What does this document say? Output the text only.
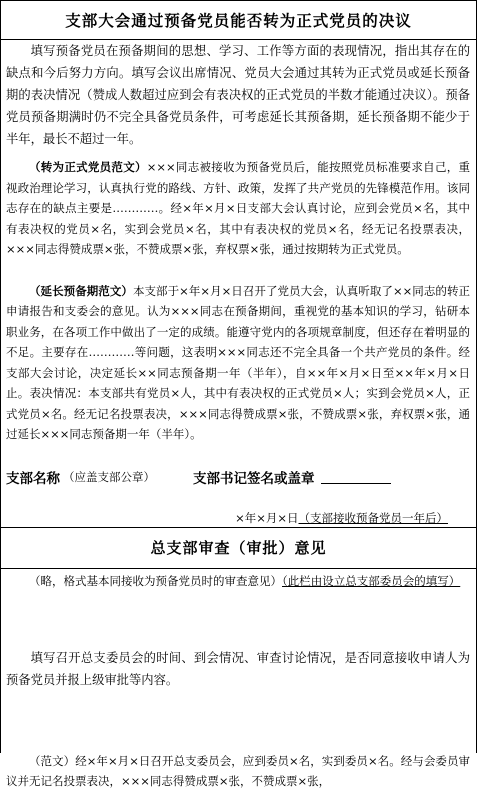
支部大会通过预备党员能否转为正式党员的决议

填写预备党员在预备期间的思想、学习、工作等方面的表现情况，指出其存在的缺点和今后努力方向。填写会议出席情况、党员大会通过其转为正式党员或延长预备期的表决情况（赞成人数超过应到会有表决权的正式党员的半数才能通过决议）。预备党员预备期满时仍不完全具备党员条件，可考虑延长其预备期，延长预备期不能少于半年，最长不超过一年。

（转为正式党员范文）×××同志被接收为预备党员后，能按照党员标准要求自己，重视政治理论学习，认真执行党的路线、方针、政策，发挥了共产党员的先锋模范作用。该同志存在的缺点主要是…………。经×年×月×日支部大会认真讨论，应到会党员×名，其中有表决权的党员×名，实到会党员×名，其中有表决权的党员×名，经无记名投票表决，×××同志得赞成票×张，不赞成票×张，弃权票×张，通过按期转为正式党员。

（延长预备期范文）本支部于×年×月×日召开了党员大会，认真听取了××同志的转正申请报告和支委会的意见。认为×××同志在预备期间，重视党的基本知识的学习，钻研本职业务，在各项工作中做出了一定的成绩。能遵守党内的各项规章制度，但还存在着明显的不足。主要存在…………等问题，这表明×××同志还不完全具备一个共产党员的条件。经支部大会讨论，决定延长××同志预备期一年（半年），自××年×月×日至××年×月×日止。表决情况：本支部共有党员×人，其中有表决权的正式党员×人；实到会党员×人，正式党员×名。经无记名投票表决，×××同志得赞成票×张，不赞成票×张，弃权票×张，通过延长×××同志预备期一年（半年）。

支部名称 （应盖支部公章）	支部书记签名或盖章
×年×月×日（支部接收预备党员一年后）
总支部审查（审批）意见

（略，格式基本同接收为预备党员时的审查意见）（此栏由设立总支部委员会的填写）

填写召开总支委员会的时间、到会情况、审查讨论情况，是否同意接收申请人为预备党员并报上级审批等内容。

（范文）经×年×月×日召开总支委员会，应到委员×名，实到委员×名。经与会委员审议并无记名投票表决，×××同志得赞成票×张，不赞成票×张，
